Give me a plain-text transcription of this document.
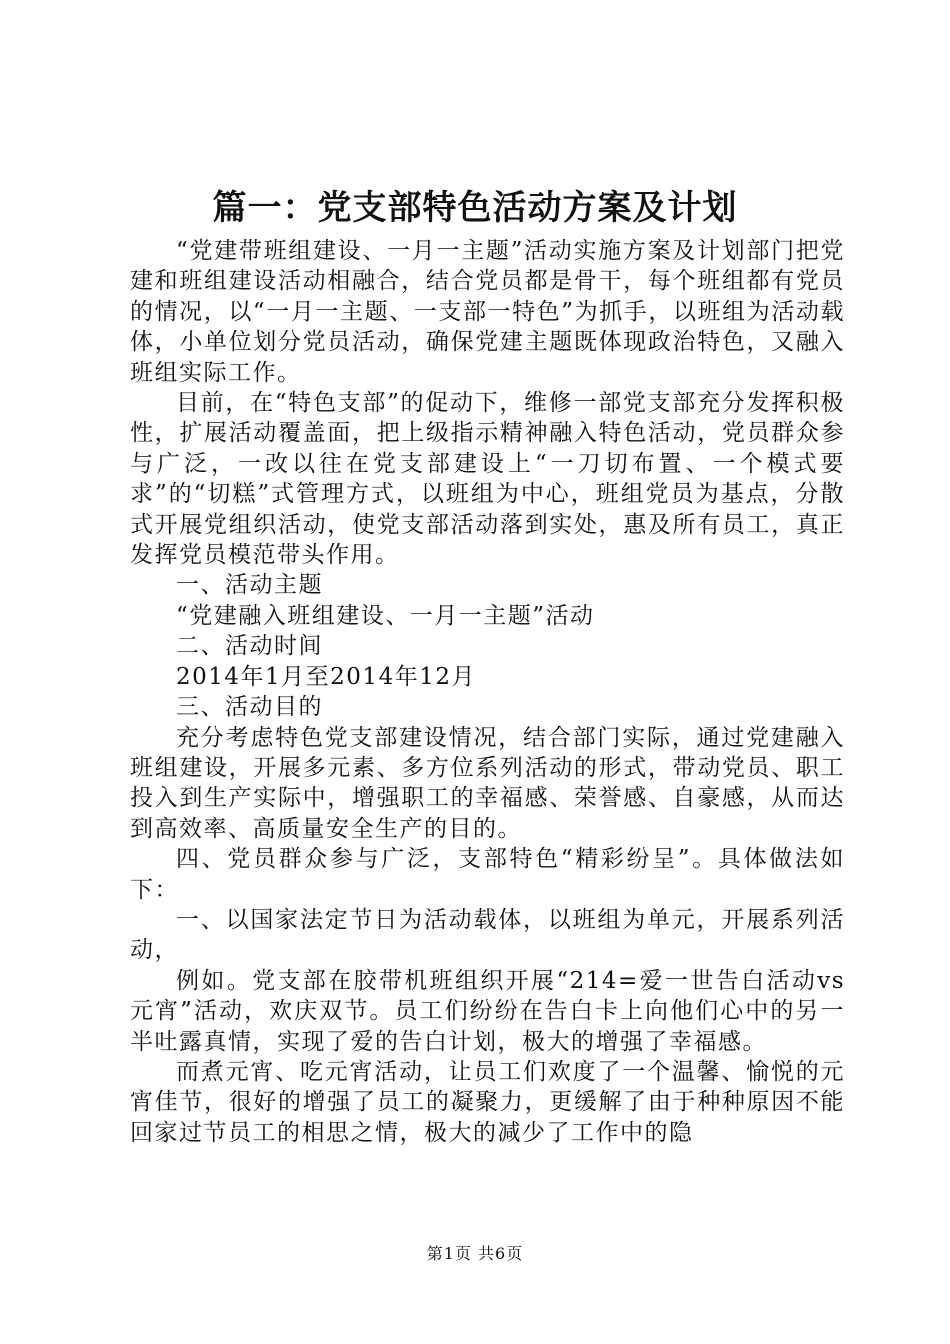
篇一：党支部特色活动方案及计划

“党建带班组建设、一月一主题”活动实施方案及计划部门把党建和班组建设活动相融合，结合党员都是骨干，每个班组都有党员的情况，以“一月一主题、一支部一特色”为抓手，以班组为活动载体，小单位划分党员活动，确保党建主题既体现政治特色，又融入班组实际工作。

目前，在“特色支部”的促动下，维修一部党支部充分发挥积极性，扩展活动覆盖面，把上级指示精神融入特色活动，党员群众参与广泛，一改以往在党支部建设上“一刀切布置、一个模式要求”的“切糕”式管理方式，以班组为中心，班组党员为基点，分散式开展党组织活动，使党支部活动落到实处，惠及所有员工，真正发挥党员模范带头作用。

一、活动主题

“党建融入班组建设、一月一主题”活动

二、活动时间

2014年1月至2014年12月

三、活动目的

充分考虑特色党支部建设情况，结合部门实际，通过党建融入班组建设，开展多元素、多方位系列活动的形式，带动党员、职工投入到生产实际中，增强职工的幸福感、荣誉感、自豪感，从而达到高效率、高质量安全生产的目的。

四、党员群众参与广泛，支部特色“精彩纷呈”。具体做法如下：

一、以国家法定节日为活动载体，以班组为单元，开展系列活动，

例如。党支部在胶带机班组织开展“214=爱一世告白活动vs元宵”活动，欢庆双节。员工们纷纷在告白卡上向他们心中的另一半吐露真情，实现了爱的告白计划，极大的增强了幸福感。

而煮元宵、吃元宵活动，让员工们欢度了一个温馨、愉悦的元宵佳节，很好的增强了员工的凝聚力，更缓解了由于种种原因不能回家过节员工的相思之情，极大的减少了工作中的隐

第1页 共6页
